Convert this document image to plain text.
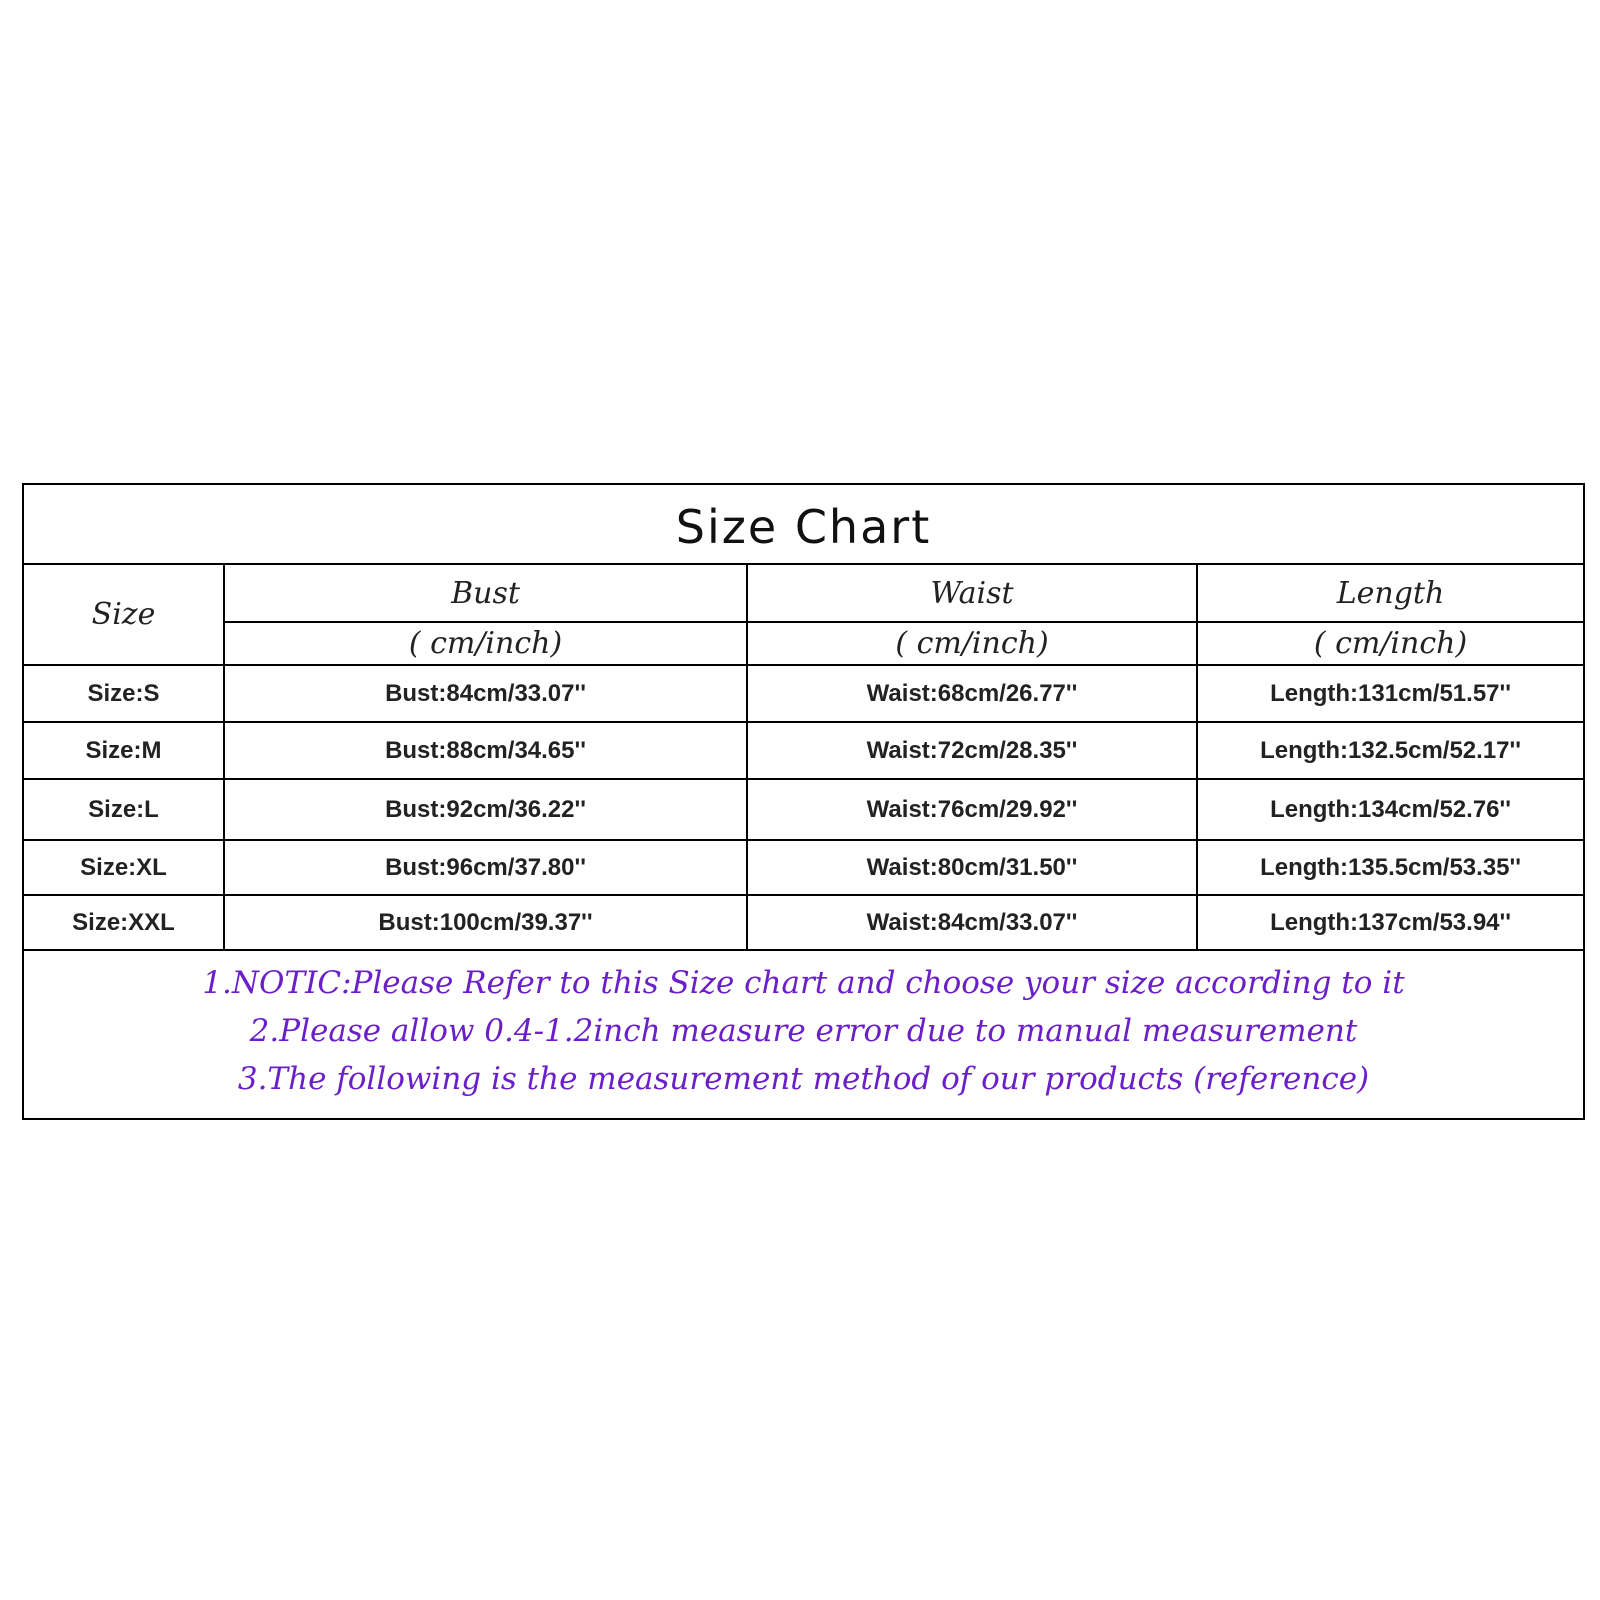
Size Chart
Size	Bust	Waist	Length
	( cm/inch)	( cm/inch)	( cm/inch)
Size:S	Bust:84cm/33.07''	Waist:68cm/26.77''	Length:131cm/51.57''
Size:M	Bust:88cm/34.65''	Waist:72cm/28.35''	Length:132.5cm/52.17''
Size:L	Bust:92cm/36.22''	Waist:76cm/29.92''	Length:134cm/52.76''
Size:XL	Bust:96cm/37.80''	Waist:80cm/31.50''	Length:135.5cm/53.35''
Size:XXL	Bust:100cm/39.37''	Waist:84cm/33.07''	Length:137cm/53.94''
1.NOTIC:Please Refer to this Size chart and choose your size according to it
2.Please allow 0.4-1.2inch measure error due to manual measurement
3.The following is the measurement method of our products (reference)
